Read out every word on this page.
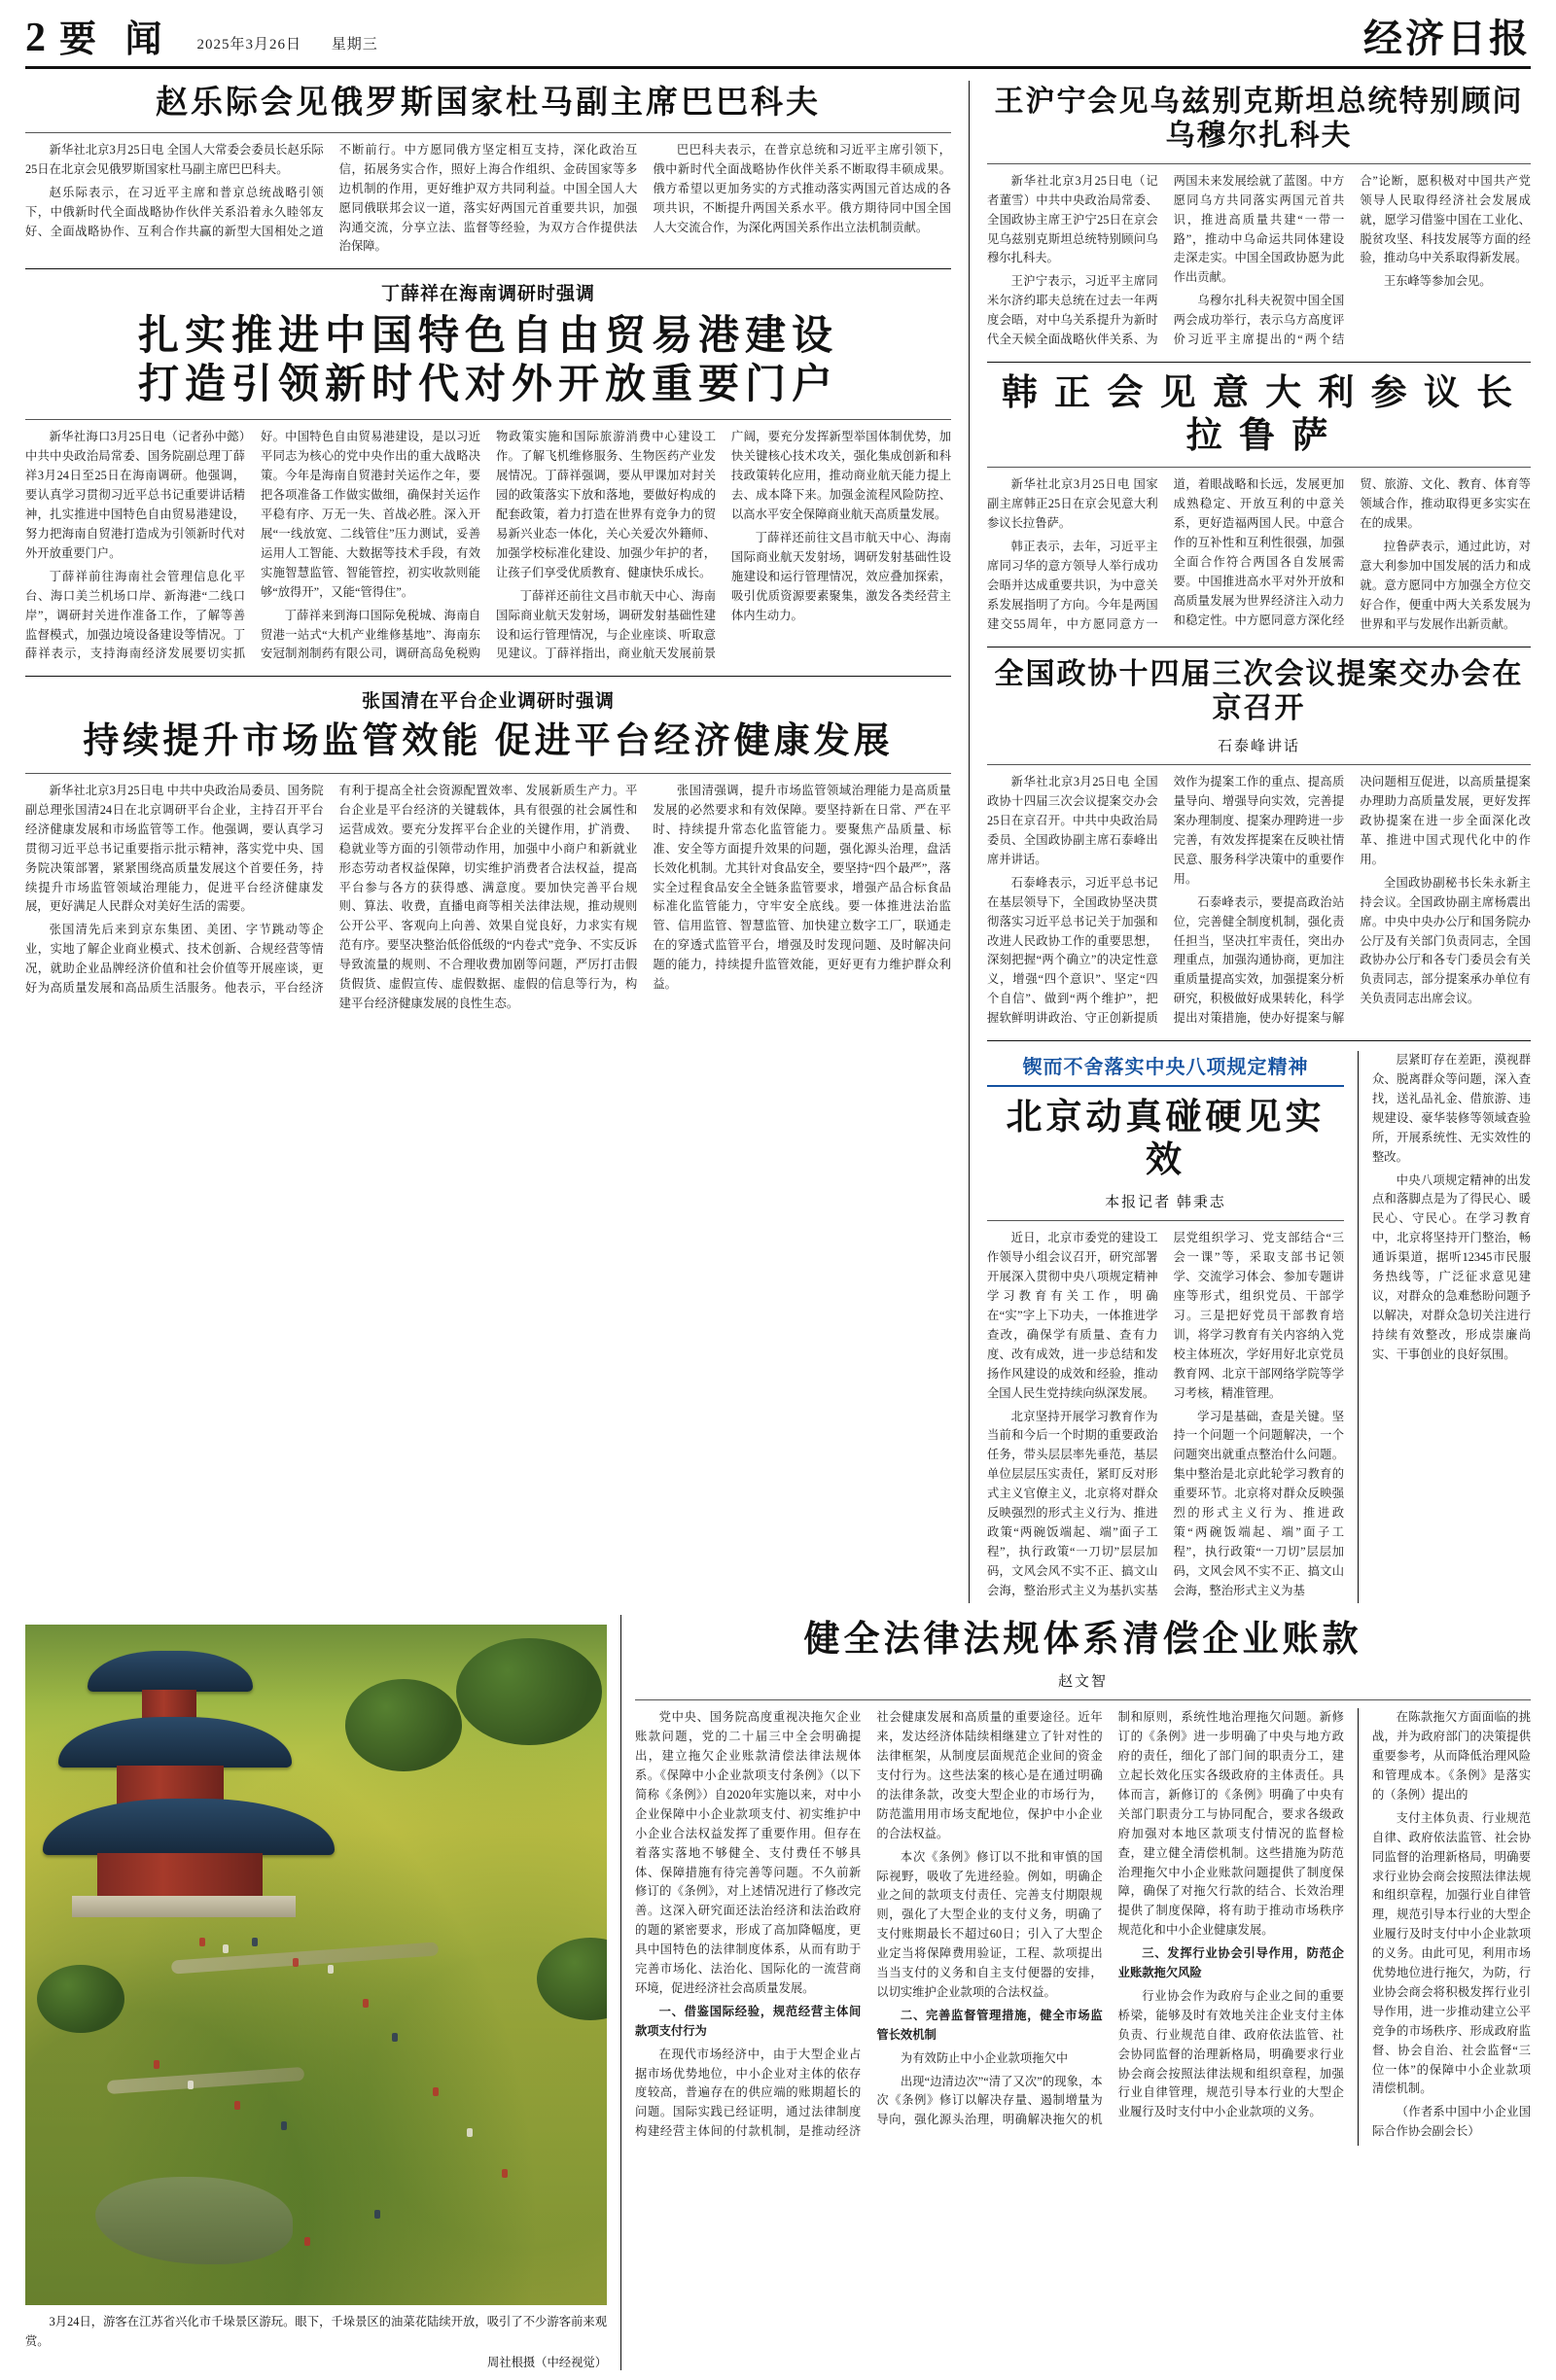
2 要 闻 2025年3月26日 星期三	经济日报
赵乐际会见俄罗斯国家杜马副主席巴巴科夫

新华社北京3月25日电 全国人大常委会委员长赵乐际25日在北京会见俄罗斯国家杜马副主席巴巴科夫。

赵乐际表示，在习近平主席和普京总统战略引领下，中俄新时代全面战略协作伙伴关系沿着永久睦邻友好、全面战略协作、互利合作共赢的新型大国相处之道不断前行。中方愿同俄方坚定相互支持，深化政治互信，拓展务实合作，照好上海合作组织、金砖国家等多边机制的作用，更好维护双方共同利益。中国全国人大愿同俄联邦会议一道，落实好两国元首重要共识，加强沟通交流，分享立法、监督等经验，为双方合作提供法治保障。

巴巴科夫表示，在普京总统和习近平主席引领下，俄中新时代全面战略协作伙伴关系不断取得丰硕成果。俄方希望以更加务实的方式推动落实两国元首达成的各项共识，不断提升两国关系水平。俄方期待同中国全国人大交流合作，为深化两国关系作出立法机制贡献。

丁薛祥在海南调研时强调
扎实推进中国特色自由贸易港建设
打造引领新时代对外开放重要门户

新华社海口3月25日电（记者孙中懿）中共中央政治局常委、国务院副总理丁薛祥3月24日至25日在海南调研。他强调，要认真学习贯彻习近平总书记重要讲话精神，扎实推进中国特色自由贸易港建设，努力把海南自贸港打造成为引领新时代对外开放重要门户。

丁薛祥前往海南社会管理信息化平台、海口美兰机场口岸、新海港“二线口岸”，调研封关进作准备工作，了解等善监督模式，加强边境设备建设等情况。丁薛祥表示，支持海南经济发展要切实抓好。中国特色自由贸易港建设，是以习近平同志为核心的党中央作出的重大战略决策。今年是海南自贸港封关运作之年，要把各项准备工作做实做细，确保封关运作平稳有序、万无一失、首战必胜。深入开展“一线放宽、二线管住”压力测试，妥善运用人工智能、大数据等技术手段，有效实施智慧监管、智能管控，初实收款则能够“放得开”，又能“管得住”。

丁薛祥来到海口国际免税城、海南自贸港一站式“大机产业维修基地”、海南东安冠制剂制药有限公司，调研高岛免税购物政策实施和国际旅游消费中心建设工作。了解飞机维修服务、生物医药产业发展情况。丁薛祥强调，要从甲课加对封关园的政策落实下放和落地，要做好构成的配套政策，着力打造在世界有竞争力的贸易新兴业态一体化，关心关爱次外籍师、加强学校标准化建设、加强少年护的者，让孩子们享受优质教育、健康快乐成长。

丁薛祥还前往文昌市航天中心、海南国际商业航天发射场，调研发射基础性建设和运行管理情况，与企业座谈、听取意见建议。丁薛祥指出，商业航天发展前景广阔，要充分发挥新型举国体制优势，加快关键核心技术攻关，强化集成创新和科技政策转化应用，推动商业航天能力提上去、成本降下来。加强金流程风险防控、以高水平安全保障商业航天高质量发展。

丁薛祥还前往文昌市航天中心、海南国际商业航天发射场，调研发射基础性设施建设和运行管理情况，效应叠加探索，吸引优质资源要素聚集，激发各类经营主体内生动力。

张国清在平台企业调研时强调
持续提升市场监管效能 促进平台经济健康发展

新华社北京3月25日电 中共中央政治局委员、国务院副总理张国清24日在北京调研平台企业，主持召开平台经济健康发展和市场监管等工作。他强调，要认真学习贯彻习近平总书记重要指示批示精神，落实党中央、国务院决策部署，紧紧围绕高质量发展这个首要任务，持续提升市场监管领域治理能力，促进平台经济健康发展，更好满足人民群众对美好生活的需要。

张国清先后来到京东集团、美团、字节跳动等企业，实地了解企业商业模式、技术创新、合规经营等情况，就助企业品牌经济价值和社会价值等开展座谈，更好为高质量发展和高品质生活服务。他表示，平台经济有利于提高全社会资源配置效率、发展新质生产力。平台企业是平台经济的关键载体，具有很强的社会属性和运营成效。要充分发挥平台企业的关键作用，扩消费、稳就业等方面的引领带动作用，加强中小商户和新就业形态劳动者权益保障，切实维护消费者合法权益，提高平台参与各方的获得感、满意度。要加快完善平台规则、算法、收费，直播电商等相关法律法规，推动规则公开公平、客观向上向善、效果自觉良好，力求实有规范有序。要坚决整治低俗低级的“内卷式”竞争、不实反诉导致流量的规则、不合理收费加剧等问题，严厉打击假货假货、虚假宣传、虚假数据、虚假的信息等行为，构建平台经济健康发展的良性生态。

张国清强调，提升市场监管领域治理能力是高质量发展的必然要求和有效保障。要坚持新在日常、严在平时、持续提升常态化监管能力。要聚焦产品质量、标准、安全等方面提升效果的问题，强化源头治理，盘活长效化机制。尤其针对食品安全，要坚持“四个最严”，落实全过程食品安全全链条监管要求，增强产品合标食品标准化监管能力，守牢安全底线。要一体推进法治监管、信用监管、智慧监管、加快建立数字工厂，联通走在的穿透式监管平台，增强及时发现问题、及时解决问题的能力，持续提升监管效能，更好更有力维护群众利益。

王沪宁会见乌兹别克斯坦总统特别顾问乌穆尔扎科夫

新华社北京3月25日电（记者董雪）中共中央政治局常委、全国政协主席王沪宁25日在京会见乌兹别克斯坦总统特别顾问乌穆尔扎科夫。

王沪宁表示，习近平主席同米尔济约耶夫总统在过去一年两度会晤，对中乌关系提升为新时代全天候全面战略伙伴关系、为两国未来发展绘就了蓝图。中方愿同乌方共同落实两国元首共识，推进高质量共建“一带一路”，推动中乌命运共同体建设走深走实。中国全国政协愿为此作出贡献。

乌穆尔扎科夫祝贺中国全国两会成功举行，表示乌方高度评价习近平主席提出的“两个结合”论断，愿积极对中国共产党领导人民取得经济社会发展成就，愿学习借鉴中国在工业化、脱贫攻坚、科技发展等方面的经验，推动乌中关系取得新发展。

王东峰等参加会见。

韩 正 会 见 意 大 利 参 议 长 拉 鲁 萨

新华社北京3月25日电 国家副主席韩正25日在京会见意大利参议长拉鲁萨。

韩正表示，去年，习近平主席同习华的意方领导人举行成功会晤并达成重要共识，为中意关系发展指明了方向。今年是两国建交55周年，中方愿同意方一道，着眼战略和长远，发展更加成熟稳定、开放互利的中意关系，更好造福两国人民。中意合作的互补性和互利性很强，加强全面合作符合两国各自发展需要。中国推进高水平对外开放和高质量发展为世界经济注入动力和稳定性。中方愿同意方深化经贸、旅游、文化、教育、体育等领域合作，推动取得更多实实在在的成果。

拉鲁萨表示，通过此访，对意大利参加中国发展的活力和成就。意方愿同中方加强全方位交好合作，便重中两大关系发展为世界和平与发展作出新贡献。

全国政协十四届三次会议提案交办会在京召开
石泰峰讲话

新华社北京3月25日电 全国政协十四届三次会议提案交办会25日在京召开。中共中央政治局委员、全国政协副主席石泰峰出席并讲话。

石泰峰表示，习近平总书记在基层领导下，全国政协坚决贯彻落实习近平总书记关于加强和改进人民政协工作的重要思想，深刻把握“两个确立”的决定性意义，增强“四个意识”、坚定“四个自信”、做到“两个维护”，把握软鲜明讲政治、守正创新提质效作为提案工作的重点、提高质量导向、增强导向实效，完善提案办理制度、提案办理跨进一步完善，有效发挥提案在反映社情民意、服务科学决策中的重要作用。

石泰峰表示，要提高政治站位，完善健全制度机制，强化责任担当，坚决扛牢责任，突出办理重点，加强沟通协商，更加注重质量提高实效，加强提案分析研究，积极做好成果转化，科学提出对策措施，使办好提案与解决问题相互促进，以高质量提案办理助力高质量发展，更好发挥政协提案在进一步全面深化改革、推进中国式现代化中的作用。

全国政协副秘书长朱永新主持会议。全国政协副主席杨震出席。中央中央办公厅和国务院办公厅及有关部门负责同志，全国政协办公厅和各专门委员会有关负责同志，部分提案承办单位有关负责同志出席会议。

锲而不舍落实中央八项规定精神
北京动真碰硬见实效
本报记者 韩秉志

近日，北京市委党的建设工作领导小组会议召开，研究部署开展深入贯彻中央八项规定精神学习教育有关工作，明确在“实”字上下功夫，一体推进学查改，确保学有质量、查有力度、改有成效，进一步总结和发扬作风建设的成效和经验，推动全国人民生党持续向纵深发展。

北京坚持开展学习教育作为当前和今后一个时期的重要政治任务，带头层层率先垂范，基层单位层层压实责任，紧盯反对形式主义官僚主义，北京将对群众反映强烈的形式主义行为、推进政策“两碗饭端起、端”面子工程”，执行政策“一刀切”层层加码，文风会风不实不正、搞文山会海，整治形式主义为基扒实基层党组织学习、党支部结合“三会一课”等，采取支部书记领学、交流学习体会、参加专题讲座等形式，组织党员、干部学习。三是把好党员干部教育培训，将学习教育有关内容纳入党校主体班次，学好用好北京党员教育网、北京干部网络学院等学习考核，精准管理。

学习是基础，查是关键。坚持一个问题一个问题解决，一个问题突出就重点整治什么问题。集中整治是北京此轮学习教育的重要环节。北京将对群众反映强烈的形式主义行为、推进政策“两碗饭端起、端”面子工程”，执行政策“一刀切”层层加码，文风会风不实不正、搞文山会海，整治形式主义为基

层紧盯存在差距，漠视群众、脱离群众等问题，深入查找，送礼品礼金、借旅游、违规建设、豪华装修等领域查验所，开展系统性、无实效性的整改。

中央八项规定精神的出发点和落脚点是为了得民心、暖民心、守民心。在学习教育中，北京将坚持开门整治，畅通诉渠道，据听12345市民服务热线等，广泛征求意见建议，对群众的急难愁盼问题予以解决，对群众急切关注进行持续有效整改，形成崇廉尚实、干事创业的良好氛围。

3月24日，游客在江苏省兴化市千垛景区游玩。眼下，千垛景区的油菜花陆续开放，吸引了不少游客前来观赏。
周社根摄（中经视觉）
健全法律法规体系清偿企业账款
赵文智

党中央、国务院高度重视决拖欠企业账款问题，党的二十届三中全会明确提出，建立拖欠企业账款清偿法律法规体系。《保障中小企业款项支付条例》（以下简称《条例》）自2020年实施以来，对中小企业保障中小企业款项支付、初实维护中小企业合法权益发挥了重要作用。但存在着落实落地不够健全、支付费任不够具体、保障措施有待完善等问题。不久前新修订的《条例》，对上述情况进行了修改完善。这深入研究面还法治经济和法治政府的题的紧密要求，形成了高加降幅度，更具中国特色的法律制度体系，从而有助于完善市场化、法治化、国际化的一流营商环境，促进经济社会高质量发展。

一、借鉴国际经验，规范经营主体间款项支付行为

在现代市场经济中，由于大型企业占据市场优势地位，中小企业对主体的依存度较高，普遍存在的供应端的账期超长的问题。国际实践已经证明，通过法律制度构建经营主体间的付款机制，是推动经济社会健康发展和高质量的重要途径。近年来，发达经济体陆续相继建立了针对性的法律框架，从制度层面规范企业间的资金支付行为。这些法案的核心是在通过明确的法律条款，改变大型企业的市场行为，防范滥用用市场支配地位，保护中小企业的合法权益。

本次《条例》修订以不批和审慎的国际视野，吸收了先进经验。例如，明确企业之间的款项支付责任、完善支付期限规则，强化了大型企业的支付义务，明确了支付账期最长不超过60日；引入了大型企业定当将保障费用验证，工程、款项提出当当支付的义务和自主支付便器的安排，以切实维护企业款项的合法权益。

二、完善监督管理措施，健全市场监管长效机制

为有效防止中小企业款项拖欠中

出现“边清边次”“清了又次”的现象，本次《条例》修订以解决存量、遏制增量为导向，强化源头治理，明确解决拖欠的机制和原则，系统性地治理拖欠问题。新修订的《条例》进一步明确了中央与地方政府的责任，细化了部门间的职责分工，建立起长效化压实各级政府的主体责任。具体而言，新修订的《条例》明确了中央有关部门职责分工与协同配合，要求各级政府加强对本地区款项支付情况的监督检查，建立健全清偿机制。这些措施为防范治理拖欠中小企业账款问题提供了制度保障，确保了对拖欠行款的结合、长效治理提供了制度保障，将有助于推动市场秩序规范化和中小企业健康发展。

三、发挥行业协会引导作用，防范企业账款拖欠风险

行业协会作为政府与企业之间的重要桥梁，能够及时有效地关注企业支付主体负责、行业规范自律、政府依法监管、社会协同监督的治理新格局，明确要求行业协会商会按照法律法规和组织章程，加强行业自律管理，规范引导本行业的大型企业履行及时支付中小企业款项的义务。

在陈款拖欠方面面临的挑战，并为政府部门的决策提供重要参考，从而降低治理风险和管理成本。《条例》是落实的（条例）提出的

支付主体负责、行业规范自律、政府依法监管、社会协同监督的治理新格局，明确要求行业协会商会按照法律法规和组织章程，加强行业自律管理，规范引导本行业的大型企业履行及时支付中小企业款项的义务。由此可见，利用市场优势地位进行拖欠，为防，行业协会商会将积极发挥行业引导作用，进一步推动建立公平竞争的市场秩序、形成政府监督、协会自治、社会监督“三位一体”的保障中小企业款项清偿机制。

（作者系中国中小企业国际合作协会副会长）
